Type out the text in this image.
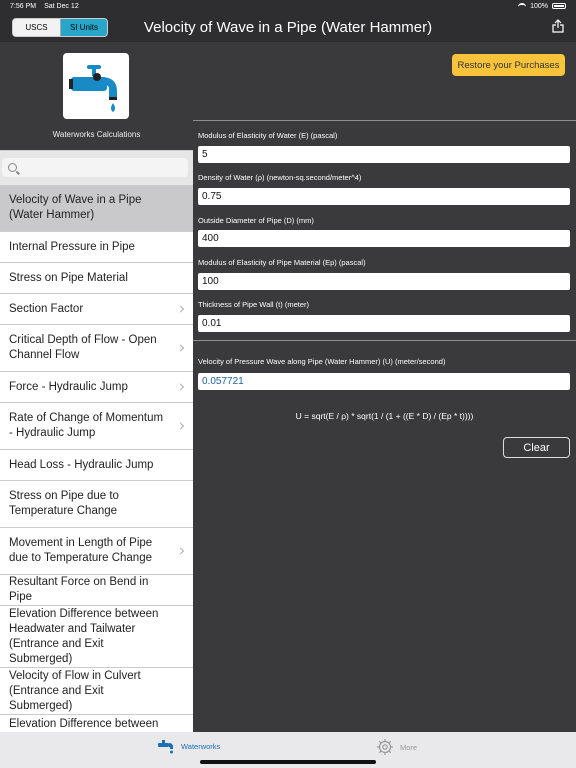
7:56 PM Sat Dec 12	100%
USCS	SI Units	Velocity of Wave in a Pipe (Water Hammer)
Waterworks Calculations
Velocity of Wave in a Pipe (Water Hammer)
Internal Pressure in Pipe
Stress on Pipe Material
Section Factor
Critical Depth of Flow - Open Channel Flow
Force - Hydraulic Jump
Rate of Change of Momentum - Hydraulic Jump
Head Loss - Hydraulic Jump
Stress on Pipe due to Temperature Change
Movement in Length of Pipe due to Temperature Change
Resultant Force on Bend in Pipe
Elevation Difference between Headwater and Tailwater (Entrance and Exit Submerged)
Velocity of Flow in Culvert (Entrance and Exit Submerged)
Elevation Difference between
Restore your Purchases
Modulus of Elasticity of Water (E) (pascal)
5
Density of Water (ρ) (newton-sq.second/meter^4)
0.75
Outside Diameter of Pipe (D) (mm)
400
Modulus of Elasticity of Pipe Material (Ep) (pascal)
100
Thickness of Pipe Wall (t) (meter)
0.01
Velocity of Pressure Wave along Pipe (Water Hammer) (U) (meter/second)
0.057721
U = sqrt(E / ρ) * sqrt(1 / (1 + ((E * D) / (Ep * t))))
Clear
Waterworks	More
